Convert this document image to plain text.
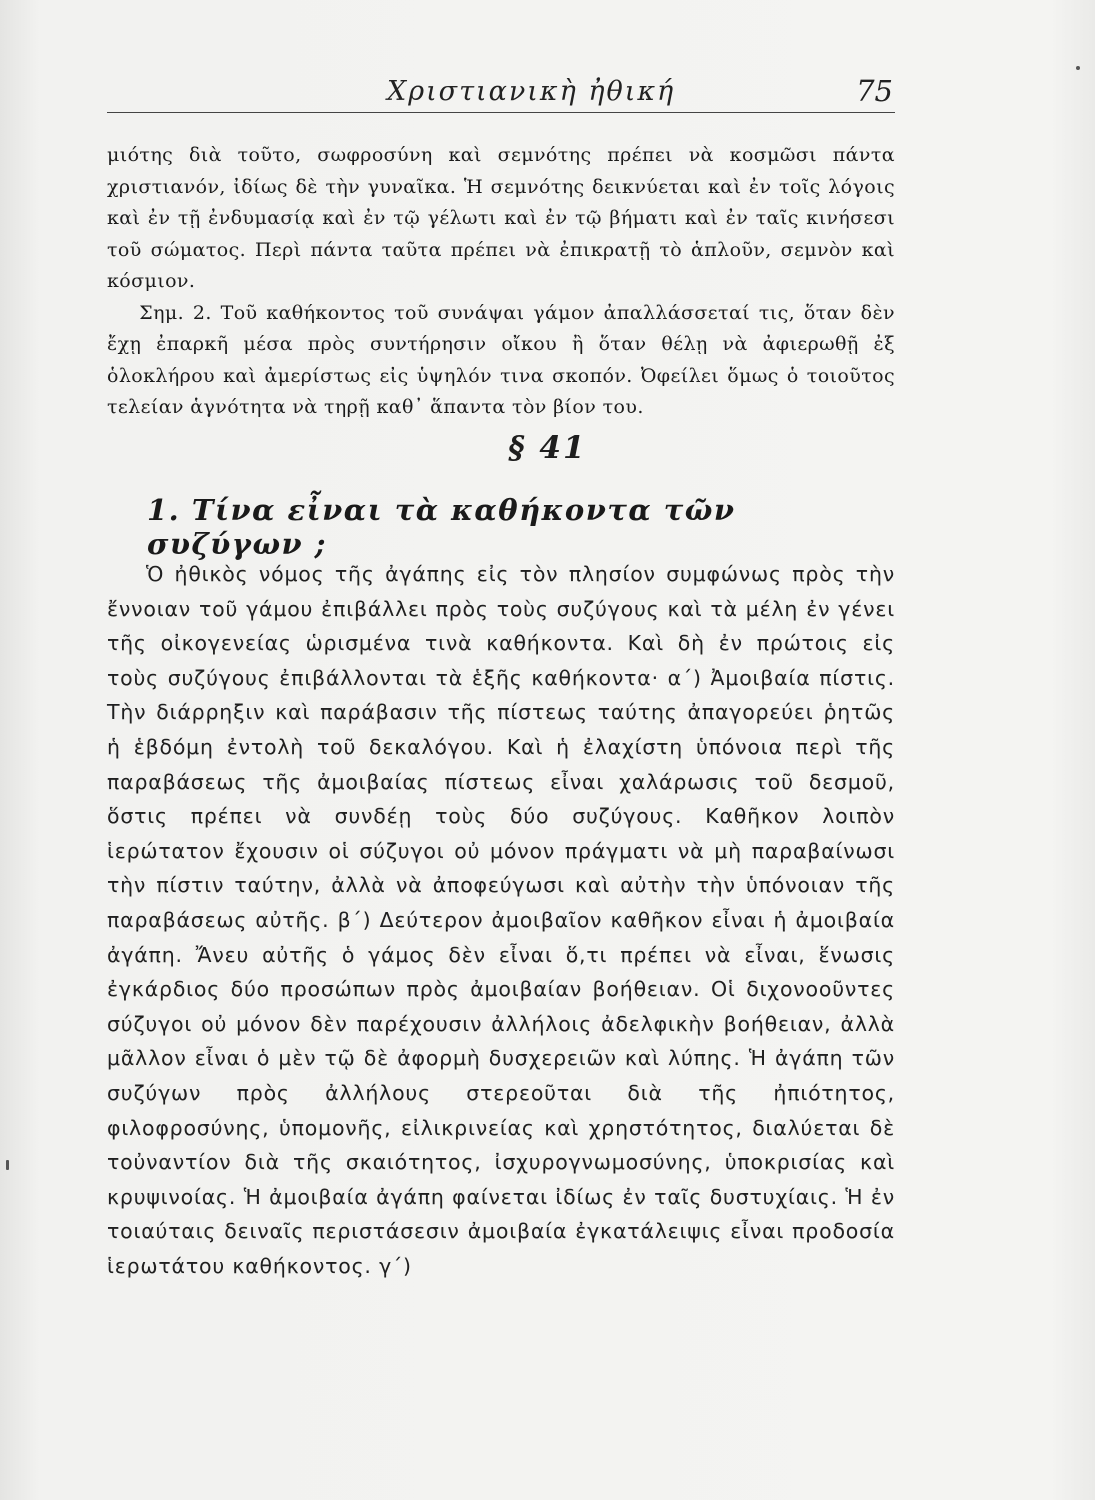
Χριστιανικὴ ἠθική	75

μιότης διὰ τοῦτο, σωφροσύνη καὶ σεμνότης πρέπει νὰ κοσμῶσι πάντα χριστιανόν, ἰδίως δὲ τὴν γυναῖκα. Ἡ σεμνότης δεικνύεται καὶ ἐν τοῖς λόγοις καὶ ἐν τῇ ἐνδυμασίᾳ καὶ ἐν τῷ γέλωτι καὶ ἐν τῷ βήματι καὶ ἐν ταῖς κινήσεσι τοῦ σώματος. Περὶ πάντα ταῦτα πρέπει νὰ ἐπικρατῇ τὸ ἁπλοῦν, σεμνὸν καὶ κόσμιον.

Σημ. 2. Τοῦ καθήκοντος τοῦ συνάψαι γάμον ἀπαλλάσσεταί τις, ὅταν δὲν ἔχῃ ἐπαρκῆ μέσα πρὸς συντήρησιν οἴκου ἢ ὅταν θέλῃ νὰ ἀφιερωθῇ ἐξ ὁλοκλήρου καὶ ἀμερίστως εἰς ὑψηλόν τινα σκοπόν. Ὀφείλει ὅμως ὁ τοιοῦτος τελείαν ἁγνότητα νὰ τηρῇ καθ᾽ ἅπαντα τὸν βίον του.

§ 41
1. Τίνα εἶναι τὰ καθήκοντα τῶν συζύγων ;

Ὁ ἠθικὸς νόμος τῆς ἀγάπης εἰς τὸν πλησίον συμφώνως πρὸς τὴν ἔννοιαν τοῦ γάμου ἐπιβάλλει πρὸς τοὺς συζύγους καὶ τὰ μέλη ἐν γένει τῆς οἰκογενείας ὡρισμένα τινὰ καθήκοντα. Καὶ δὴ ἐν πρώτοις εἰς τοὺς συζύγους ἐπιβάλλονται τὰ ἑξῆς καθήκοντα· α΄) Ἀμοιβαία πίστις. Τὴν διάρρηξιν καὶ παράβασιν τῆς πίστεως ταύτης ἀπαγορεύει ῥητῶς ἡ ἑβδόμη ἐντολὴ τοῦ δεκαλόγου. Καὶ ἡ ἐλαχίστη ὑπόνοια περὶ τῆς παραβάσεως τῆς ἀμοιβαίας πίστεως εἶναι χαλάρωσις τοῦ δεσμοῦ, ὅστις πρέπει νὰ συνδέῃ τοὺς δύο συζύγους. Καθῆκον λοιπὸν ἱερώτατον ἔχουσιν οἱ σύζυγοι οὐ μόνον πράγματι νὰ μὴ παραβαίνωσι τὴν πίστιν ταύτην, ἀλλὰ νὰ ἀποφεύγωσι καὶ αὐτὴν τὴν ὑπόνοιαν τῆς παραβάσεως αὐτῆς. β΄) Δεύτερον ἀμοιβαῖον καθῆκον εἶναι ἡ ἀμοιβαία ἀγάπη. Ἄνευ αὐτῆς ὁ γάμος δὲν εἶναι ὅ,τι πρέπει νὰ εἶναι, ἕνωσις ἐγκάρδιος δύο προσώπων πρὸς ἀμοιβαίαν βοήθειαν. Οἱ διχονοοῦντες σύζυγοι οὐ μόνον δὲν παρέχουσιν ἀλλήλοις ἀδελφικὴν βοήθειαν, ἀλλὰ μᾶλλον εἶναι ὁ μὲν τῷ δὲ ἀφορμὴ δυσχερειῶν καὶ λύπης. Ἡ ἀγάπη τῶν συζύγων πρὸς ἀλλήλους στερεοῦται διὰ τῆς ἠπιότητος, φιλοφροσύνης, ὑπομονῆς, εἰλικρινείας καὶ χρηστότητος, διαλύεται δὲ τοὐναντίον διὰ τῆς σκαιότητος, ἰσχυρογνωμοσύνης, ὑποκρισίας καὶ κρυψινοίας. Ἡ ἀμοιβαία ἀγάπη φαίνεται ἰδίως ἐν ταῖς δυστυχίαις. Ἡ ἐν τοιαύταις δειναῖς περιστάσεσιν ἀμοιβαία ἐγκατάλειψις εἶναι προδοσία ἱερωτάτου καθήκοντος. γ΄)
